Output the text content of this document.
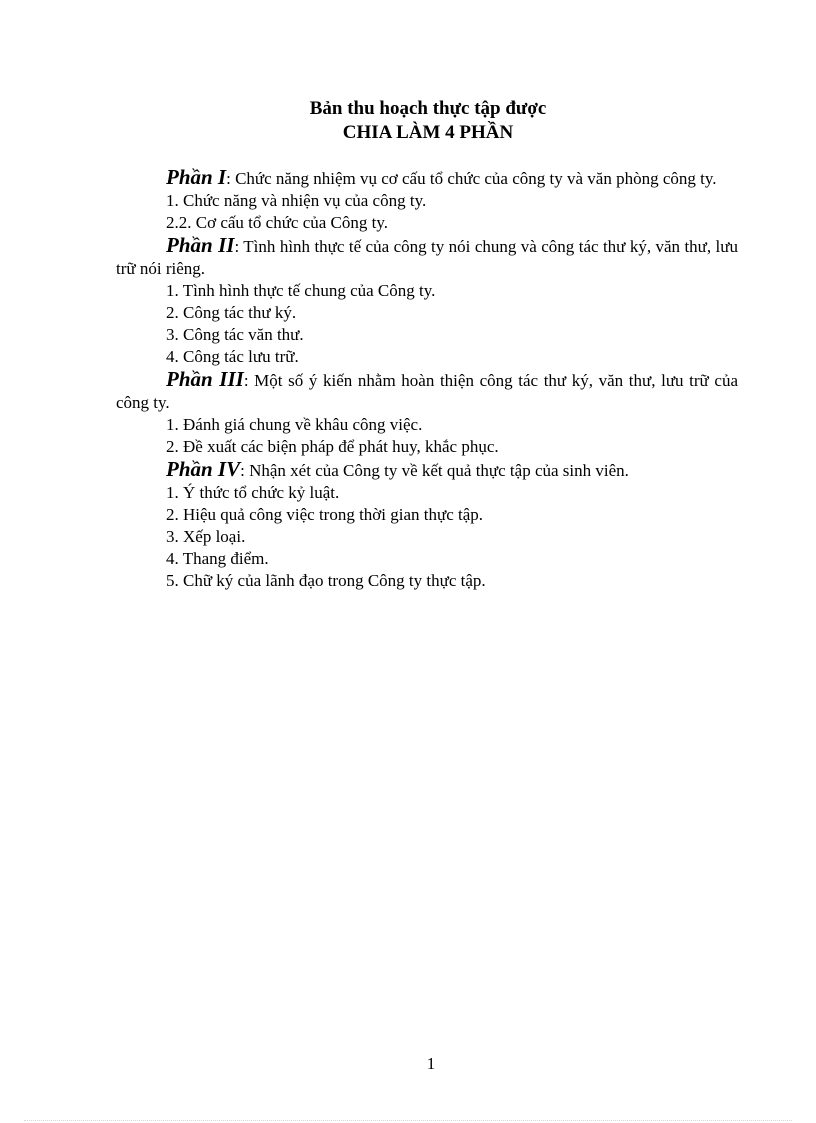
Bản thu hoạch thực tập được
CHIA LÀM 4 PHẦN

Phần I: Chức năng nhiệm vụ cơ cấu tổ chức của công ty và văn phòng công ty.

1. Chức năng và nhiện vụ của công ty.

2.2. Cơ cấu tổ chức của Công ty.

Phần II: Tình hình thực tế của công ty nói chung và công tác thư ký, văn thư, lưu trữ nói riêng.

1. Tình hình thực tế chung của Công ty.

2. Công tác thư ký.

3. Công tác văn thư.

4. Công tác lưu trữ.

Phần III: Một số ý kiến nhằm hoàn thiện công tác thư ký, văn thư, lưu trữ của công ty.

1. Đánh giá chung về khâu công việc.

2. Đề xuất các biện pháp để phát huy, khắc phục.

Phần IV: Nhận xét của Công ty về kết quả thực tập của sinh viên.

1. Ý thức tổ chức kỷ luật.

2. Hiệu quả công việc trong thời gian thực tập.

3. Xếp loại.

4. Thang điểm.

5. Chữ ký của lãnh đạo trong Công ty thực tập.

1
